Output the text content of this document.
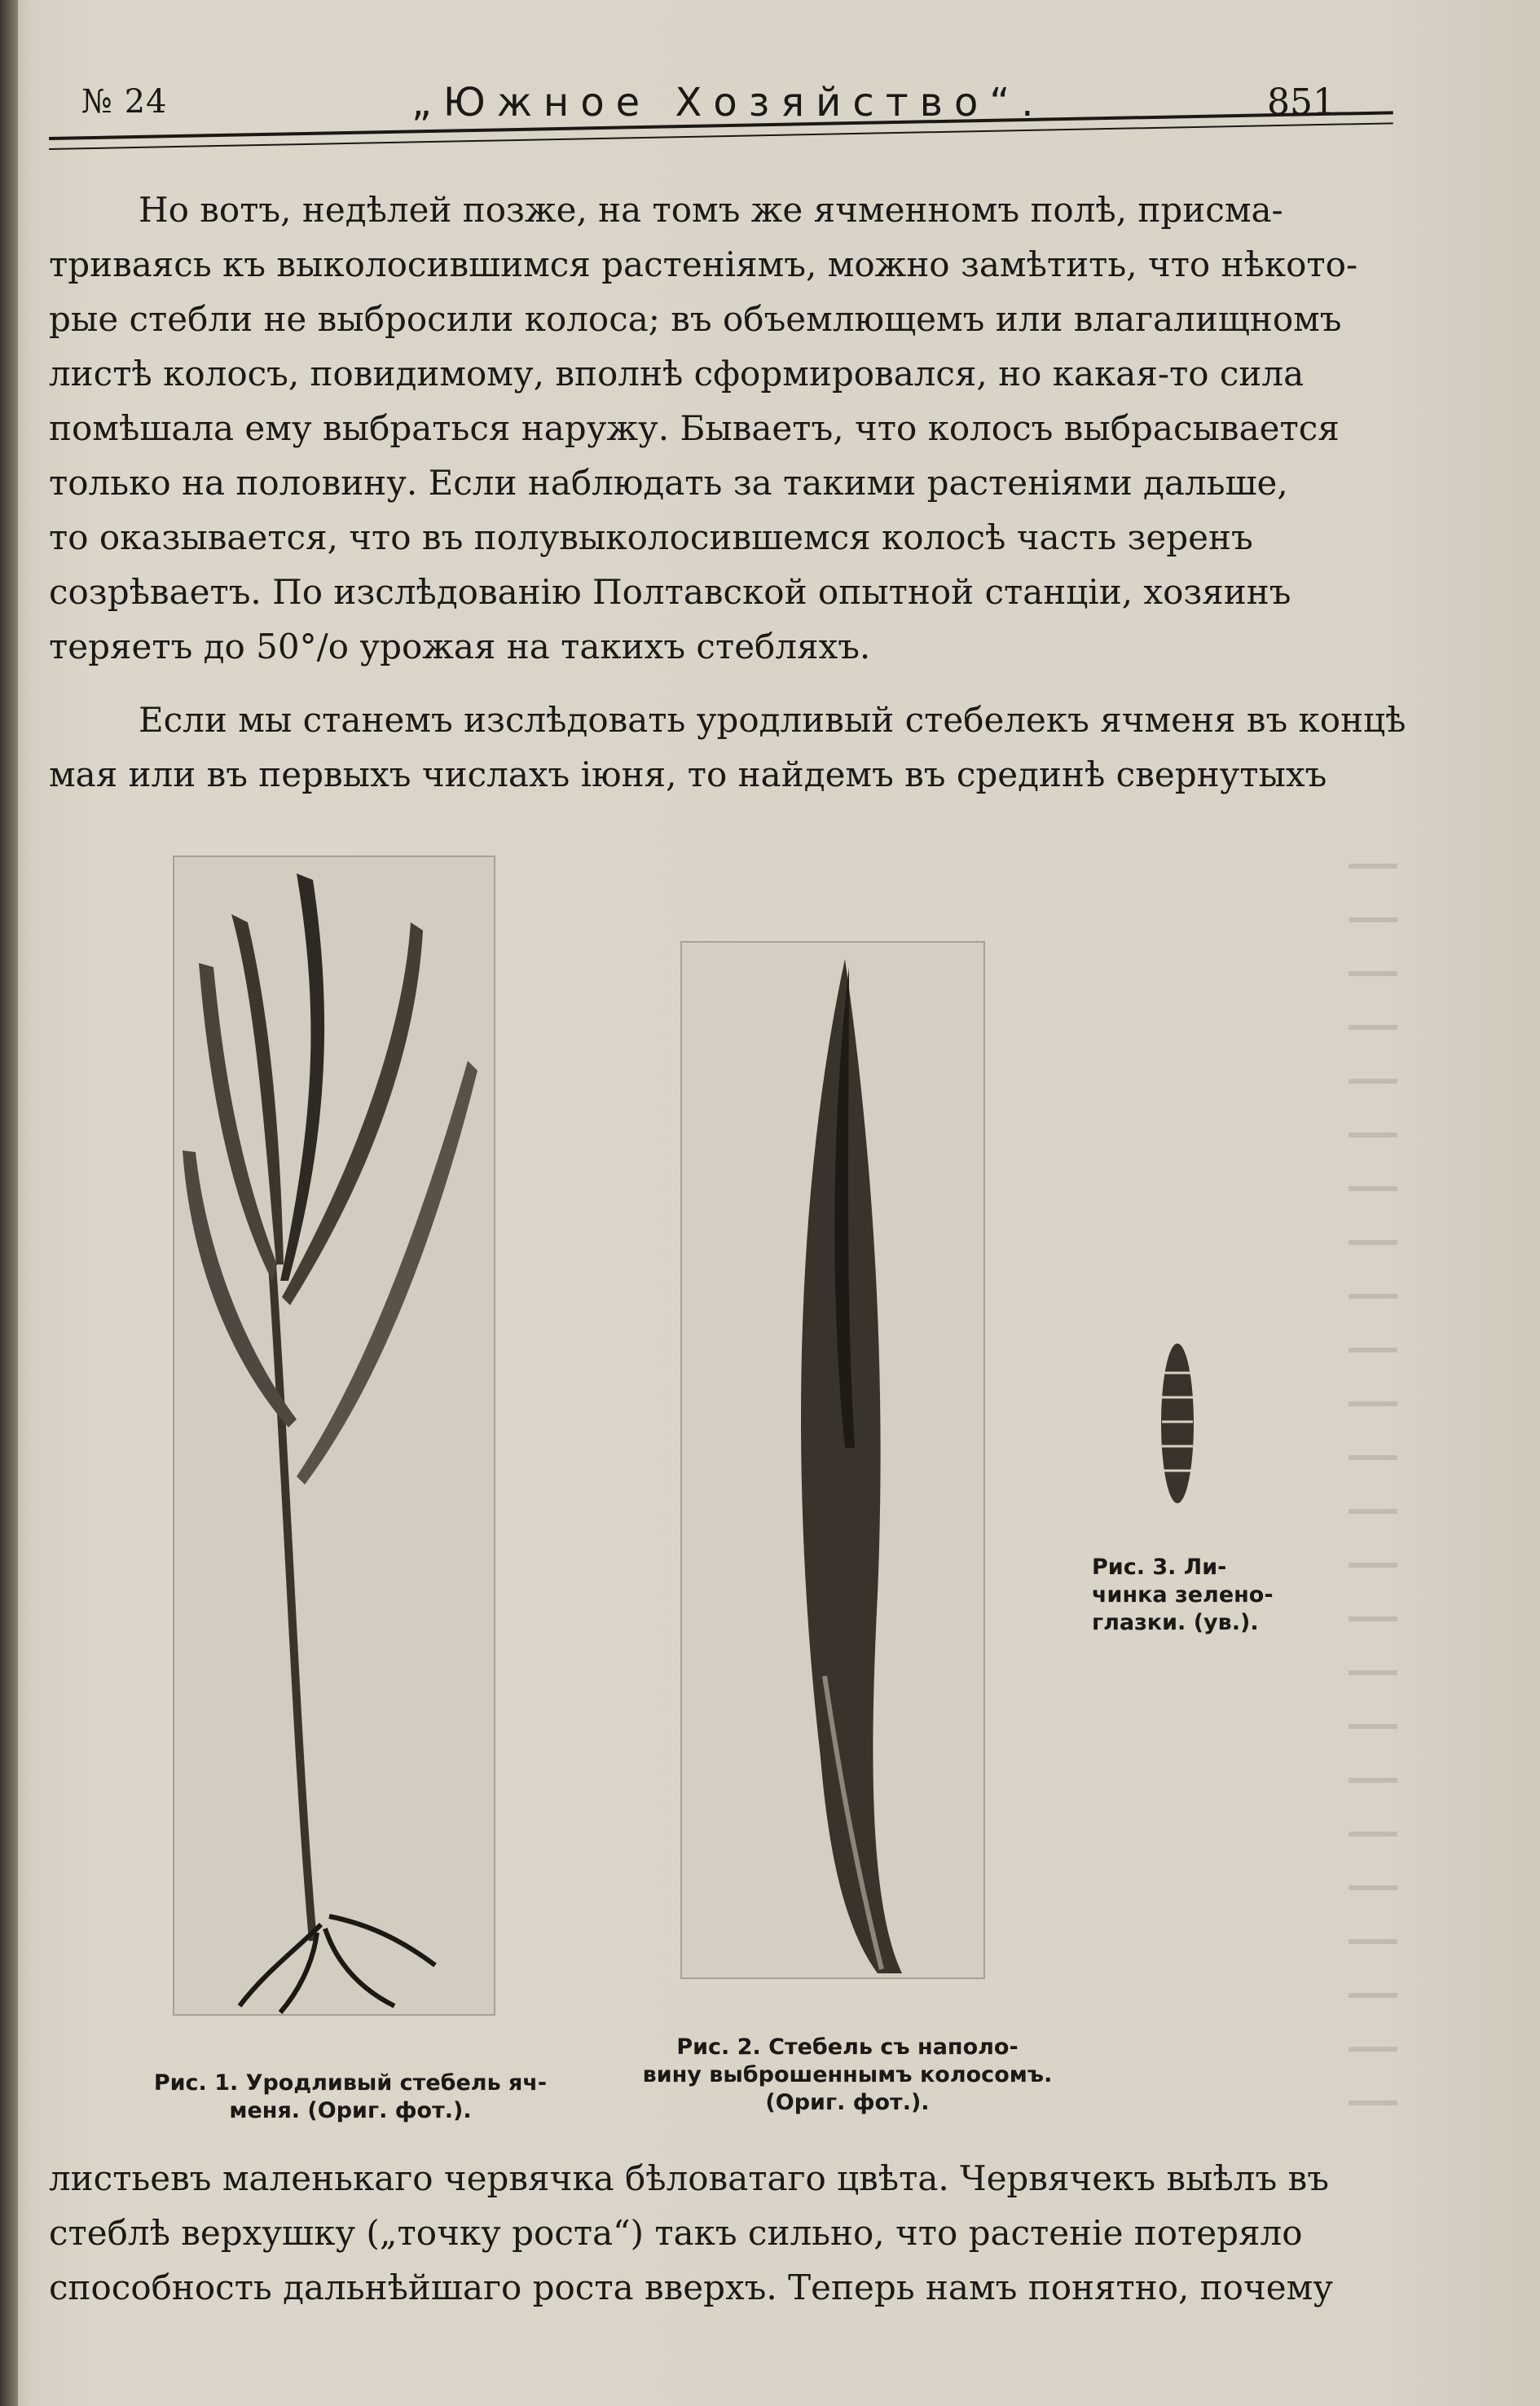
№ 24	„Южное Хозяйство“.	851
Но вотъ, недѣлей позже, на томъ же ячменномъ полѣ, присма-
триваясь къ выколосившимся растеніямъ, можно замѣтить, что нѣкото-
рые стебли не выбросили колоса; въ объемлющемъ или влагалищномъ
листѣ колосъ, повидимому, вполнѣ сформировался, но какая-то сила
помѣшала ему выбраться наружу. Бываетъ, что колосъ выбрасывается
только на половину. Если наблюдать за такими растеніями дальше,
то оказывается, что въ полувыколосившемся колосѣ часть зеренъ
созрѣваетъ. По изслѣдованію Полтавской опытной станціи, хозяинъ
теряетъ до 50°/о урожая на такихъ стебляхъ.
Если мы станемъ изслѣдовать уродливый стебелекъ ячменя въ концѣ
мая или въ первыхъ числахъ іюня, то найдемъ въ срединѣ свернутыхъ
Рис. 3. Ли-
чинка зелено-
глазки. (ув.).
Рис. 1. Уродливый стебель яч-
меня. (Ориг. фот.).
Рис. 2. Стебель съ наполо-
вину выброшеннымъ колосомъ.
(Ориг. фот.).
листьевъ маленькаго червячка бѣловатаго цвѣта. Червячекъ выѣлъ въ
стеблѣ верхушку („точку роста“) такъ сильно, что растеніе потеряло
способность дальнѣйшаго роста вверхъ. Теперь намъ понятно, почему
